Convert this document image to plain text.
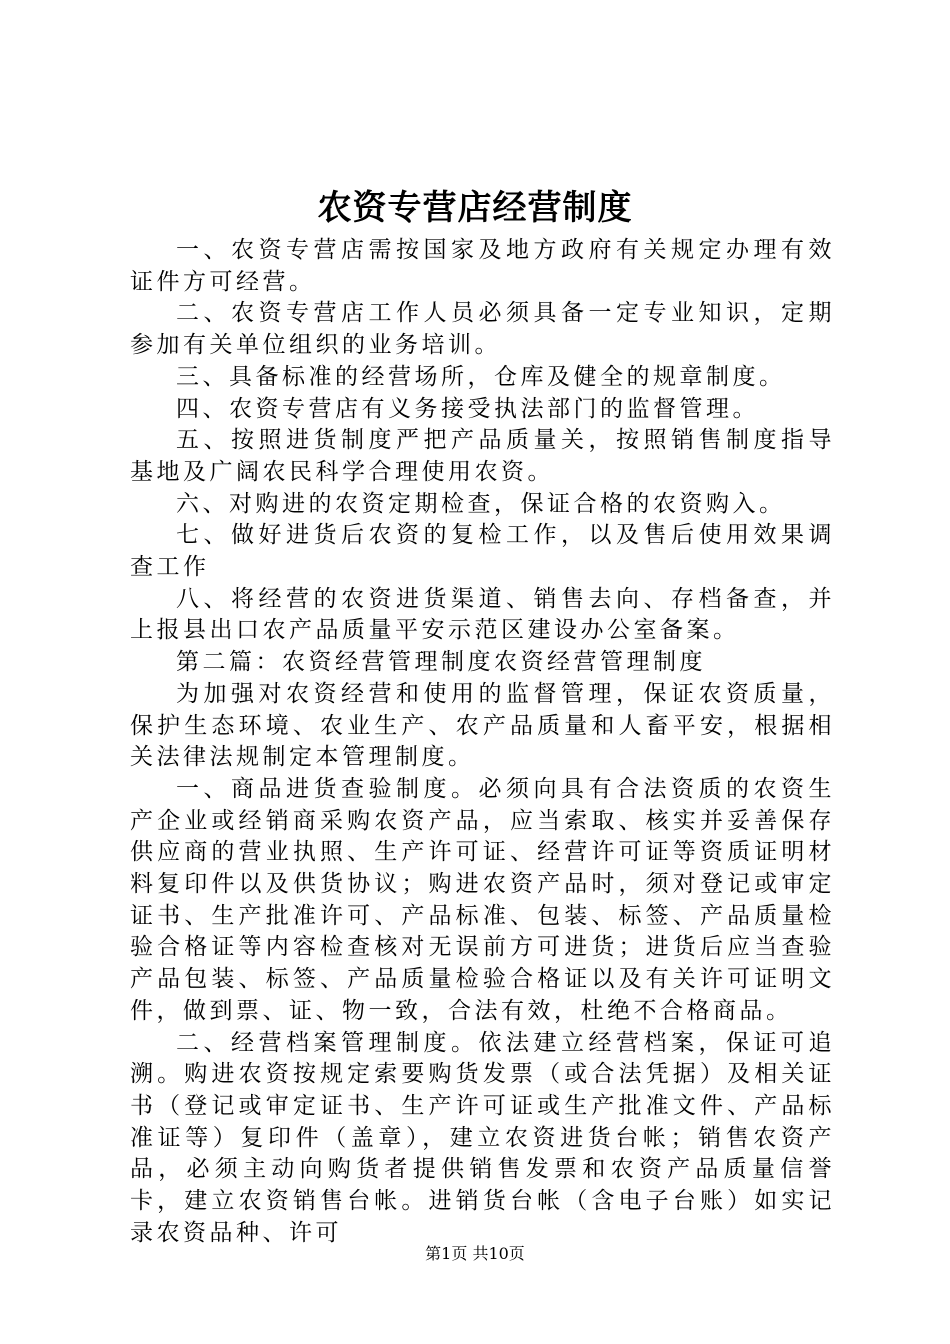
农资专营店经营制度

一、农资专营店需按国家及地方政府有关规定办理有效证件方可经营。

二、农资专营店工作人员必须具备一定专业知识，定期参加有关单位组织的业务培训。

三、具备标准的经营场所，仓库及健全的规章制度。

四、农资专营店有义务接受执法部门的监督管理。

五、按照进货制度严把产品质量关，按照销售制度指导基地及广阔农民科学合理使用农资。

六、对购进的农资定期检查，保证合格的农资购入。

七、做好进货后农资的复检工作，以及售后使用效果调查工作

八、将经营的农资进货渠道、销售去向、存档备查，并上报县出口农产品质量平安示范区建设办公室备案。

第二篇：农资经营管理制度农资经营管理制度

为加强对农资经营和使用的监督管理，保证农资质量，保护生态环境、农业生产、农产品质量和人畜平安，根据相关法律法规制定本管理制度。

一、商品进货查验制度。必须向具有合法资质的农资生产企业或经销商采购农资产品，应当索取、核实并妥善保存供应商的营业执照、生产许可证、经营许可证等资质证明材料复印件以及供货协议；购进农资产品时，须对登记或审定证书、生产批准许可、产品标准、包装、标签、产品质量检验合格证等内容检查核对无误前方可进货；进货后应当查验产品包装、标签、产品质量检验合格证以及有关许可证明文件，做到票、证、物一致，合法有效，杜绝不合格商品。

二、经营档案管理制度。依法建立经营档案，保证可追溯。购进农资按规定索要购货发票（或合法凭据）及相关证书（登记或审定证书、生产许可证或生产批准文件、产品标准证等）复印件（盖章），建立农资进货台帐；销售农资产品，必须主动向购货者提供销售发票和农资产品质量信誉卡，建立农资销售台帐。进销货台帐（含电子台账）如实记录农资品种、许可

第1页 共10页
